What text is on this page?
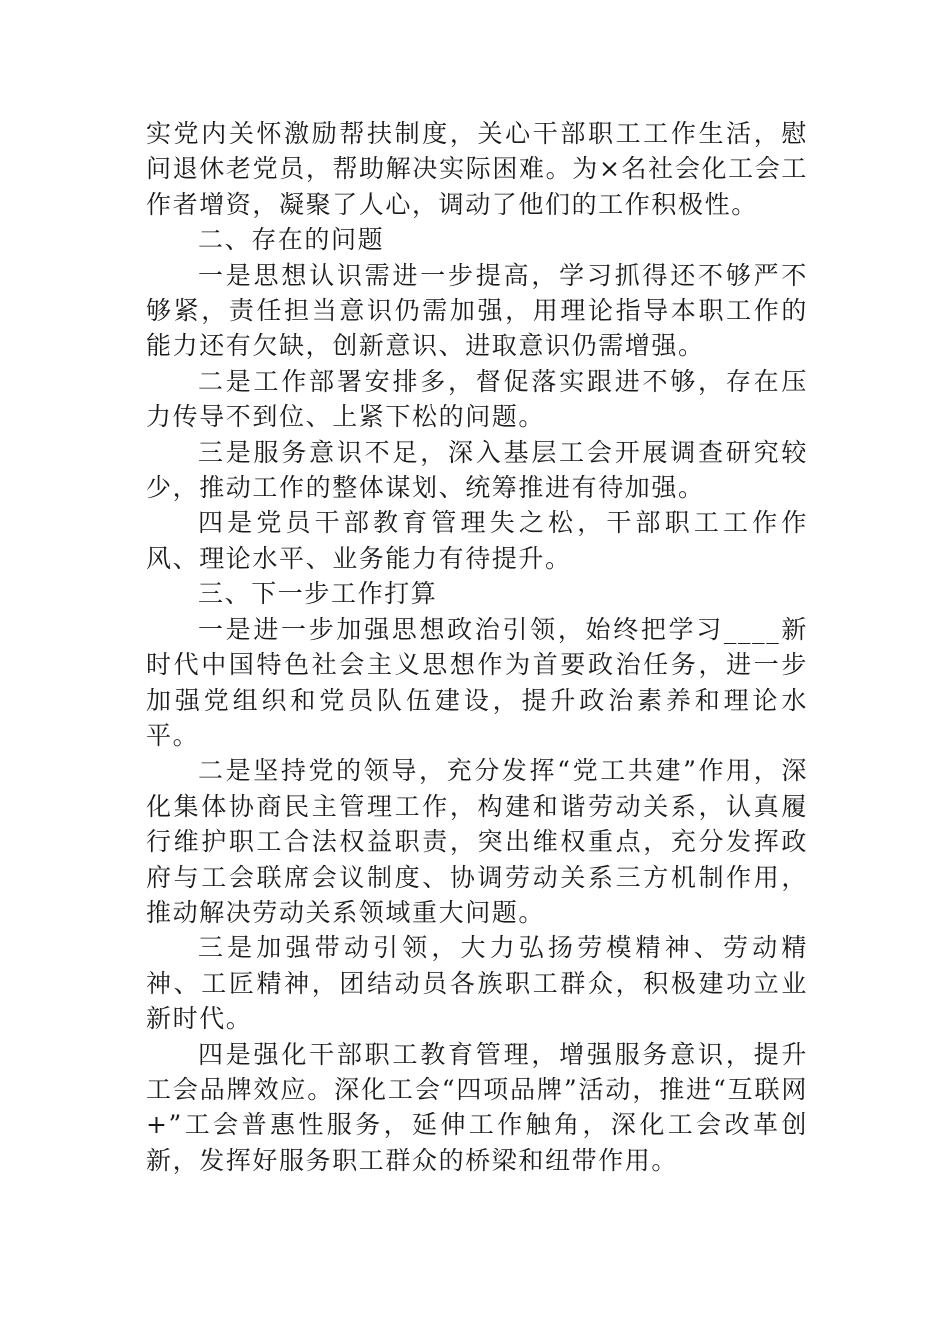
实党内关怀激励帮扶制度，关心干部职工工作生活，慰问退休老党员，帮助解决实际困难。为×名社会化工会工作者增资，凝聚了人心，调动了他们的工作积极性。

二、存在的问题

一是思想认识需进一步提高，学习抓得还不够严不够紧，责任担当意识仍需加强，用理论指导本职工作的能力还有欠缺，创新意识、进取意识仍需增强。

二是工作部署安排多，督促落实跟进不够，存在压力传导不到位、上紧下松的问题。

三是服务意识不足，深入基层工会开展调查研究较少，推动工作的整体谋划、统筹推进有待加强。

四是党员干部教育管理失之松，干部职工工作作风、理论水平、业务能力有待提升。

三、下一步工作打算

一是进一步加强思想政治引领，始终把学习____新时代中国特色社会主义思想作为首要政治任务，进一步加强党组织和党员队伍建设，提升政治素养和理论水平。

二是坚持党的领导，充分发挥“党工共建”作用，深化集体协商民主管理工作，构建和谐劳动关系，认真履行维护职工合法权益职责，突出维权重点，充分发挥政府与工会联席会议制度、协调劳动关系三方机制作用，推动解决劳动关系领域重大问题。

三是加强带动引领，大力弘扬劳模精神、劳动精神、工匠精神，团结动员各族职工群众，积极建功立业新时代。

四是强化干部职工教育管理，增强服务意识，提升工会品牌效应。深化工会“四项品牌”活动，推进“互联网+”工会普惠性服务，延伸工作触角，深化工会改革创新，发挥好服务职工群众的桥梁和纽带作用。
